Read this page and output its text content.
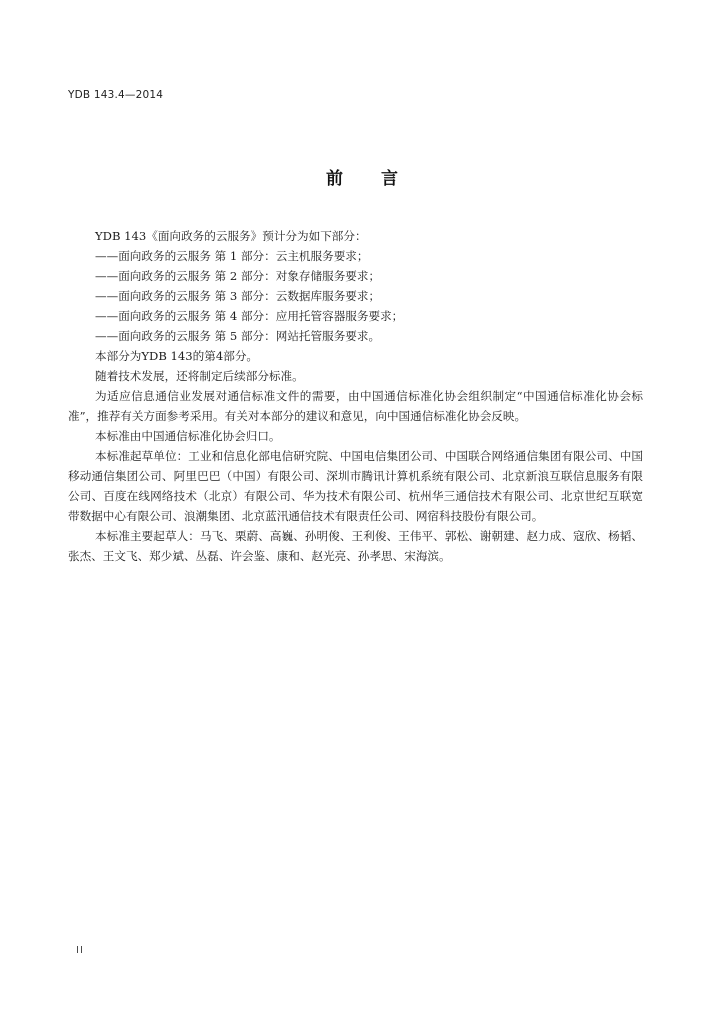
YDB 143.4—2014
前 言

YDB 143《面向政务的云服务》预计分为如下部分：

——面向政务的云服务 第 1 部分：云主机服务要求；

——面向政务的云服务 第 2 部分：对象存储服务要求；

——面向政务的云服务 第 3 部分：云数据库服务要求；

——面向政务的云服务 第 4 部分：应用托管容器服务要求；

——面向政务的云服务 第 5 部分：网站托管服务要求。

本部分为YDB 143的第4部分。

随着技术发展，还将制定后续部分标准。

为适应信息通信业发展对通信标准文件的需要，由中国通信标准化协会组织制定“中国通信标准化协会标准”，推荐有关方面参考采用。有关对本部分的建议和意见，向中国通信标准化协会反映。

本标准由中国通信标准化协会归口。

本标准起草单位：工业和信息化部电信研究院、中国电信集团公司、中国联合网络通信集团有限公司、中国移动通信集团公司、阿里巴巴（中国）有限公司、深圳市腾讯计算机系统有限公司、北京新浪互联信息服务有限公司、百度在线网络技术（北京）有限公司、华为技术有限公司、杭州华三通信技术有限公司、北京世纪互联宽带数据中心有限公司、浪潮集团、北京蓝汛通信技术有限责任公司、网宿科技股份有限公司。

本标准主要起草人：马飞、栗蔚、高巍、孙明俊、王利俊、王伟平、郭松、谢朝建、赵力成、寇欣、杨韬、张杰、王文飞、郑少斌、丛磊、许会鉴、康和、赵光亮、孙孝思、宋海滨。

II
